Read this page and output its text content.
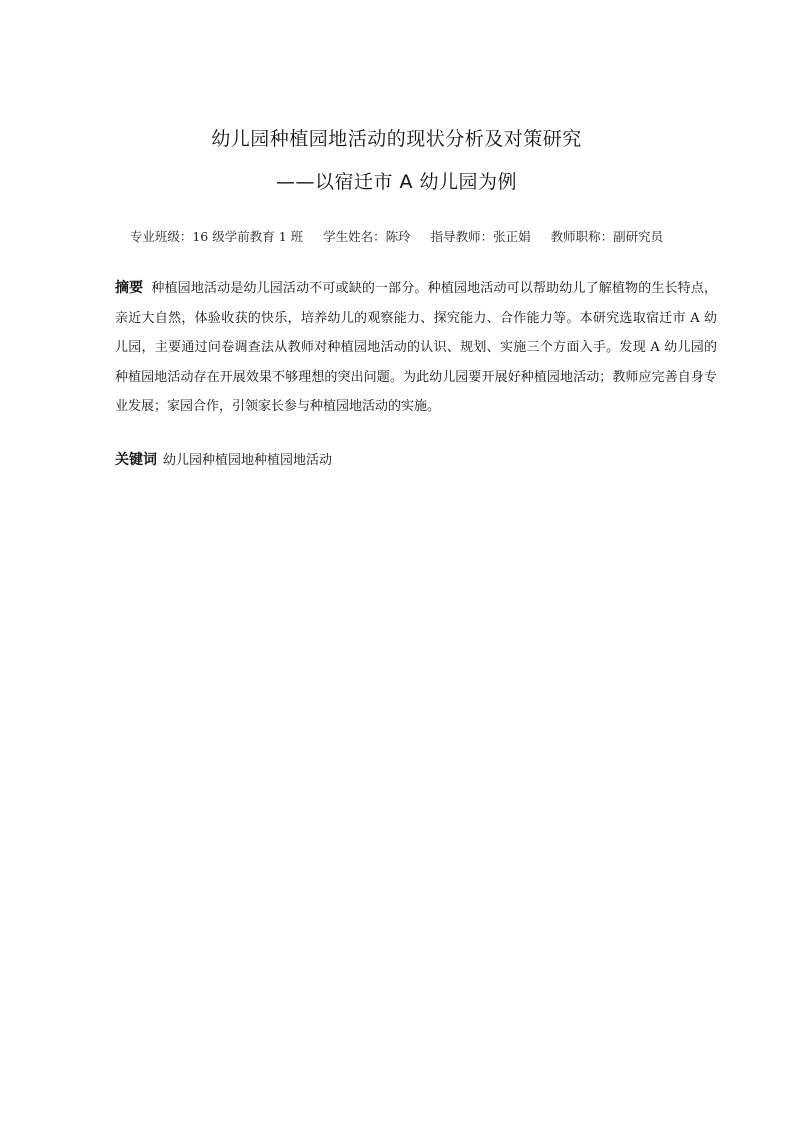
幼儿园种植园地活动的现状分析及对策研究
——以宿迁市 A 幼儿园为例
专业班级：16 级学前教育 1 班 学生姓名：陈玲 指导教师：张正娟 教师职称：副研究员
摘要 种植园地活动是幼儿园活动不可或缺的一部分。种植园地活动可以帮助幼儿了解植物的生长特点，亲近大自然，体验收获的快乐，培养幼儿的观察能力、探究能力、合作能力等。本研究选取宿迁市 A 幼儿园，主要通过问卷调查法从教师对种植园地活动的认识、规划、实施三个方面入手。发现 A 幼儿园的种植园地活动存在开展效果不够理想的突出问题。为此幼儿园要开展好种植园地活动；教师应完善自身专业发展；家园合作，引领家长参与种植园地活动的实施。
关键词 幼儿园种植园地种植园地活动
